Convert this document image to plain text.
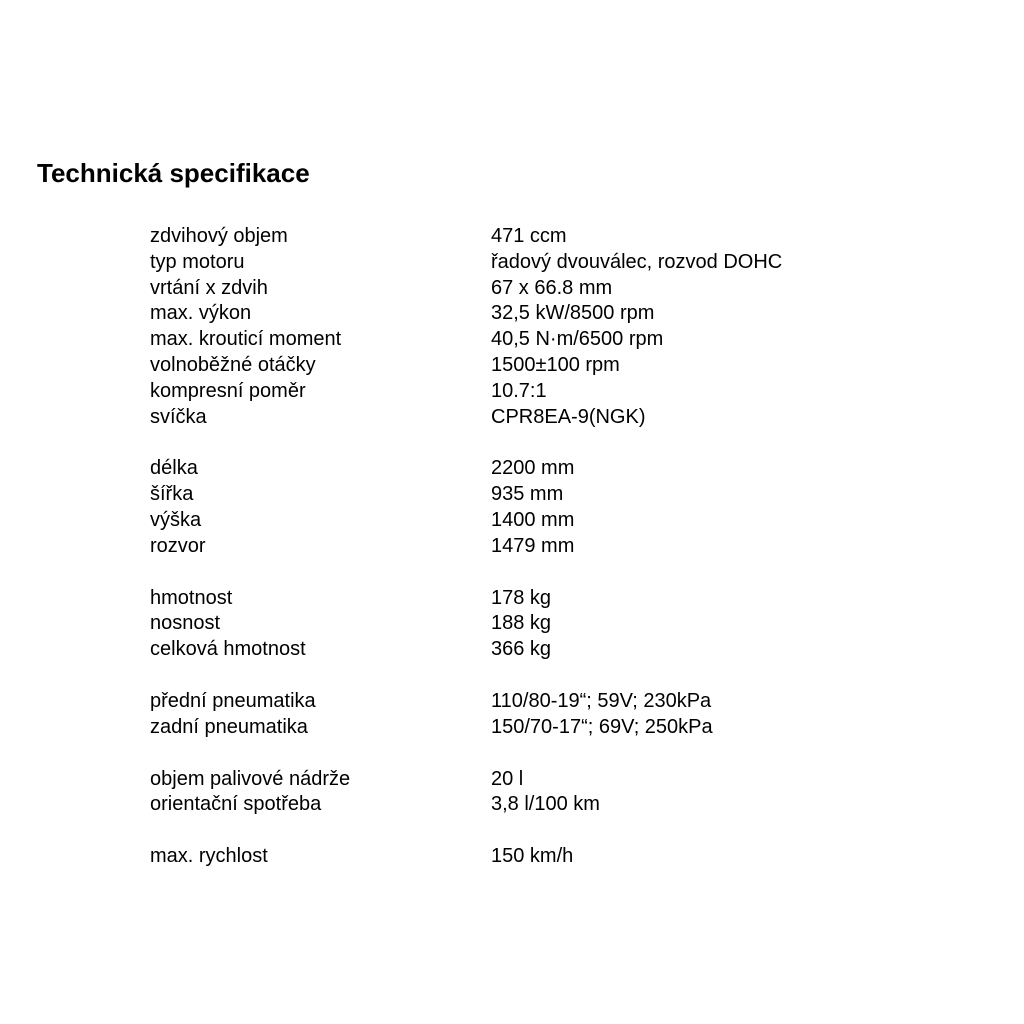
Technická specifikace
zdvihový objem	471 ccm
typ motoru	řadový dvouválec, rozvod DOHC
vrtání x zdvih	67 x 66.8 mm
max. výkon	32,5 kW/8500 rpm
max. krouticí moment	40,5 N·m/6500 rpm
volnoběžné otáčky	1500±100 rpm
kompresní poměr	10.7:1
svíčka	CPR8EA-9(NGK)
délka	2200 mm
šířka	935 mm
výška	1400 mm
rozvor	1479 mm
hmotnost	178 kg
nosnost	188 kg
celková hmotnost	366 kg
přední pneumatika	110/80-19“; 59V; 230kPa
zadní pneumatika	150/70-17“; 69V; 250kPa
objem palivové nádrže	20 l
orientační spotřeba	3,8 l/100 km
max. rychlost	150 km/h
